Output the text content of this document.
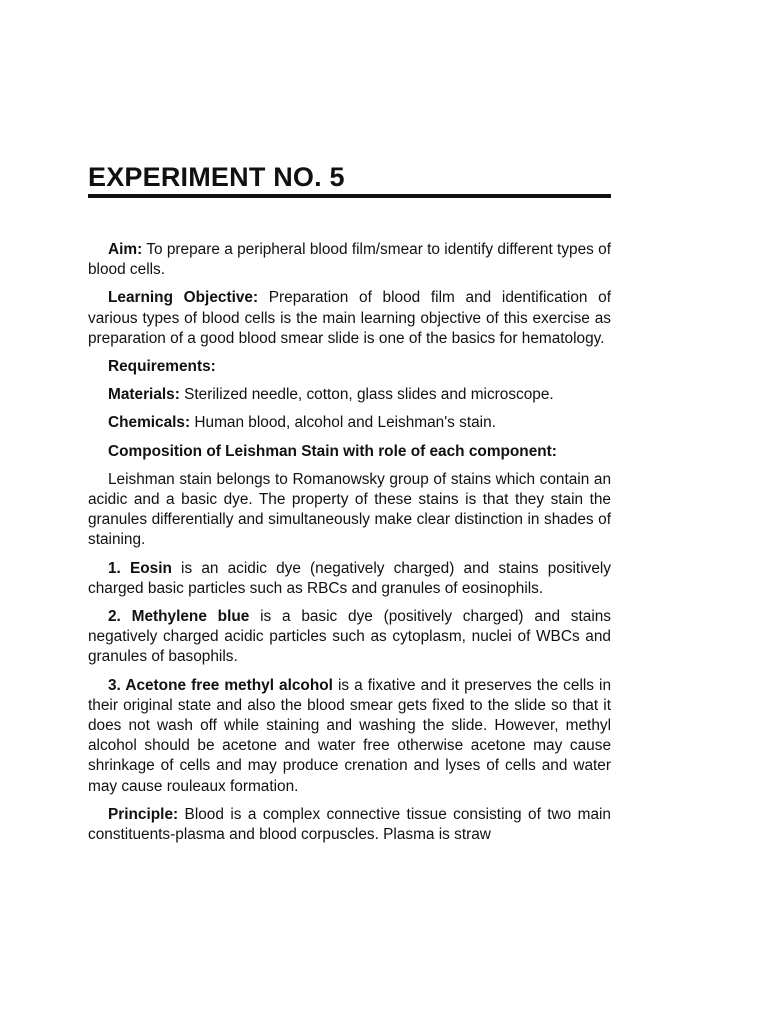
EXPERIMENT NO. 5

Aim: To prepare a peripheral blood film/smear to identify different types of blood cells.

Learning Objective: Preparation of blood film and identification of various types of blood cells is the main learning objective of this exercise as preparation of a good blood smear slide is one of the basics for hematology.

Requirements:

Materials: Sterilized needle, cotton, glass slides and microscope.

Chemicals: Human blood, alcohol and Leishman's stain.

Composition of Leishman Stain with role of each component:

Leishman stain belongs to Romanowsky group of stains which contain an acidic and a basic dye. The property of these stains is that they stain the granules differentially and simultaneously make clear distinction in shades of staining.

1. Eosin is an acidic dye (negatively charged) and stains positively charged basic particles such as RBCs and granules of eosinophils.

2. Methylene blue is a basic dye (positively charged) and stains negatively charged acidic particles such as cytoplasm, nuclei of WBCs and granules of basophils.

3. Acetone free methyl alcohol is a fixative and it preserves the cells in their original state and also the blood smear gets fixed to the slide so that it does not wash off while staining and washing the slide. However, methyl alcohol should be acetone and water free otherwise acetone may cause shrinkage of cells and may produce crenation and lyses of cells and water may cause rouleaux formation.

Principle: Blood is a complex connective tissue consisting of two main constituents-plasma and blood corpuscles. Plasma is straw
